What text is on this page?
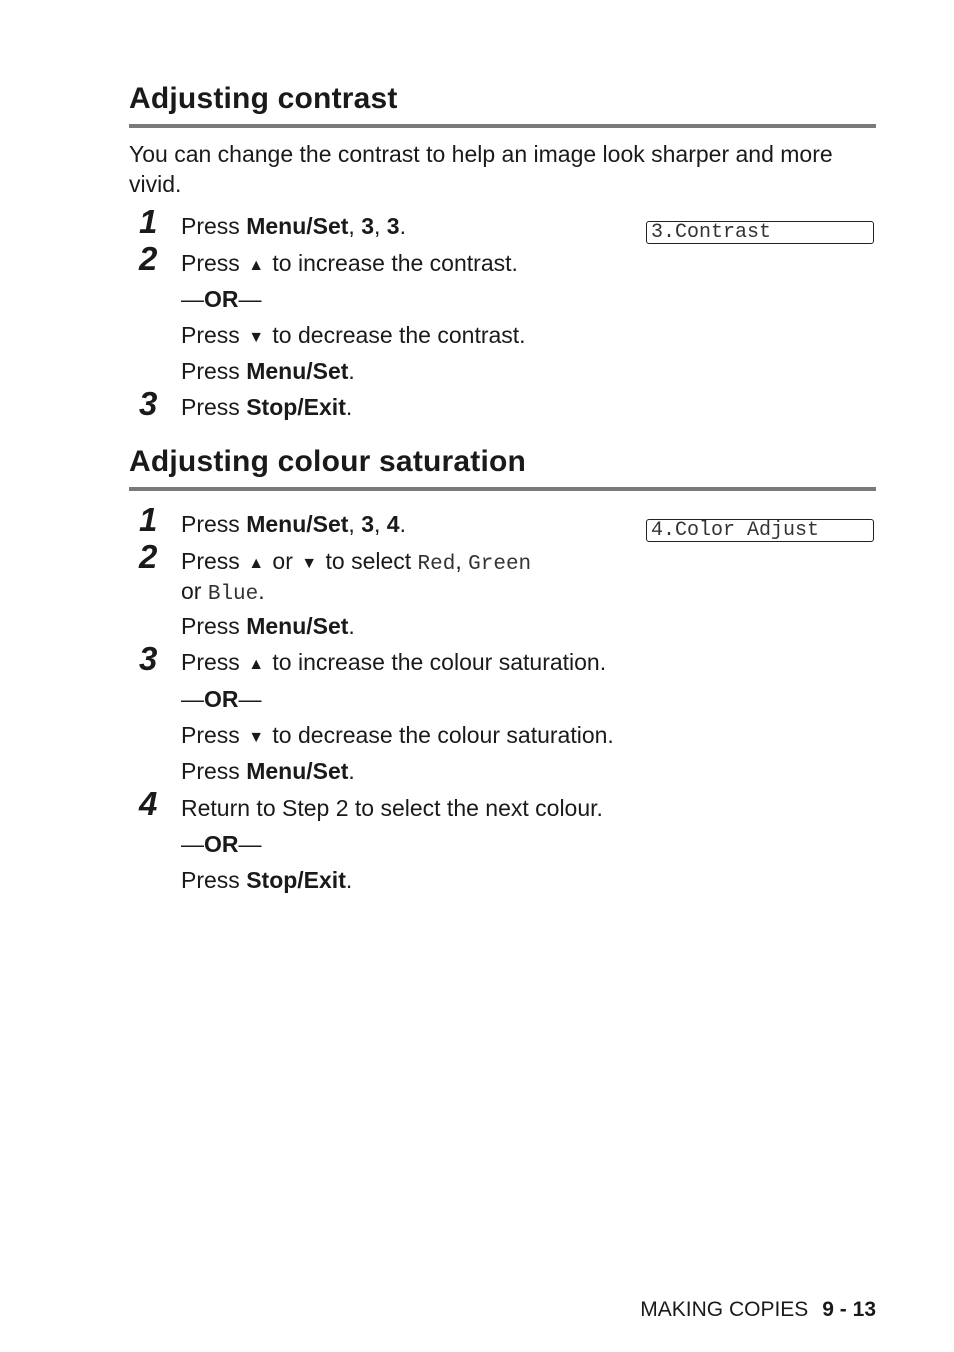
Adjusting contrast
You can change the contrast to help an image look sharper and more vivid.
1 Press Menu/Set, 3, 3.	3.Contrast
2 Press ▲ to increase the contrast.
—OR—
Press ▼ to decrease the contrast.
Press Menu/Set.
3 Press Stop/Exit.
Adjusting colour saturation
1 Press Menu/Set, 3, 4.	4.Color Adjust
2 Press ▲ or ▼ to select Red, Green
or Blue.
Press Menu/Set.
3 Press ▲ to increase the colour saturation.
—OR—
Press ▼ to decrease the colour saturation.
Press Menu/Set.
4 Return to Step 2 to select the next colour.
—OR—
Press Stop/Exit.
MAKING COPIES 9 - 13
